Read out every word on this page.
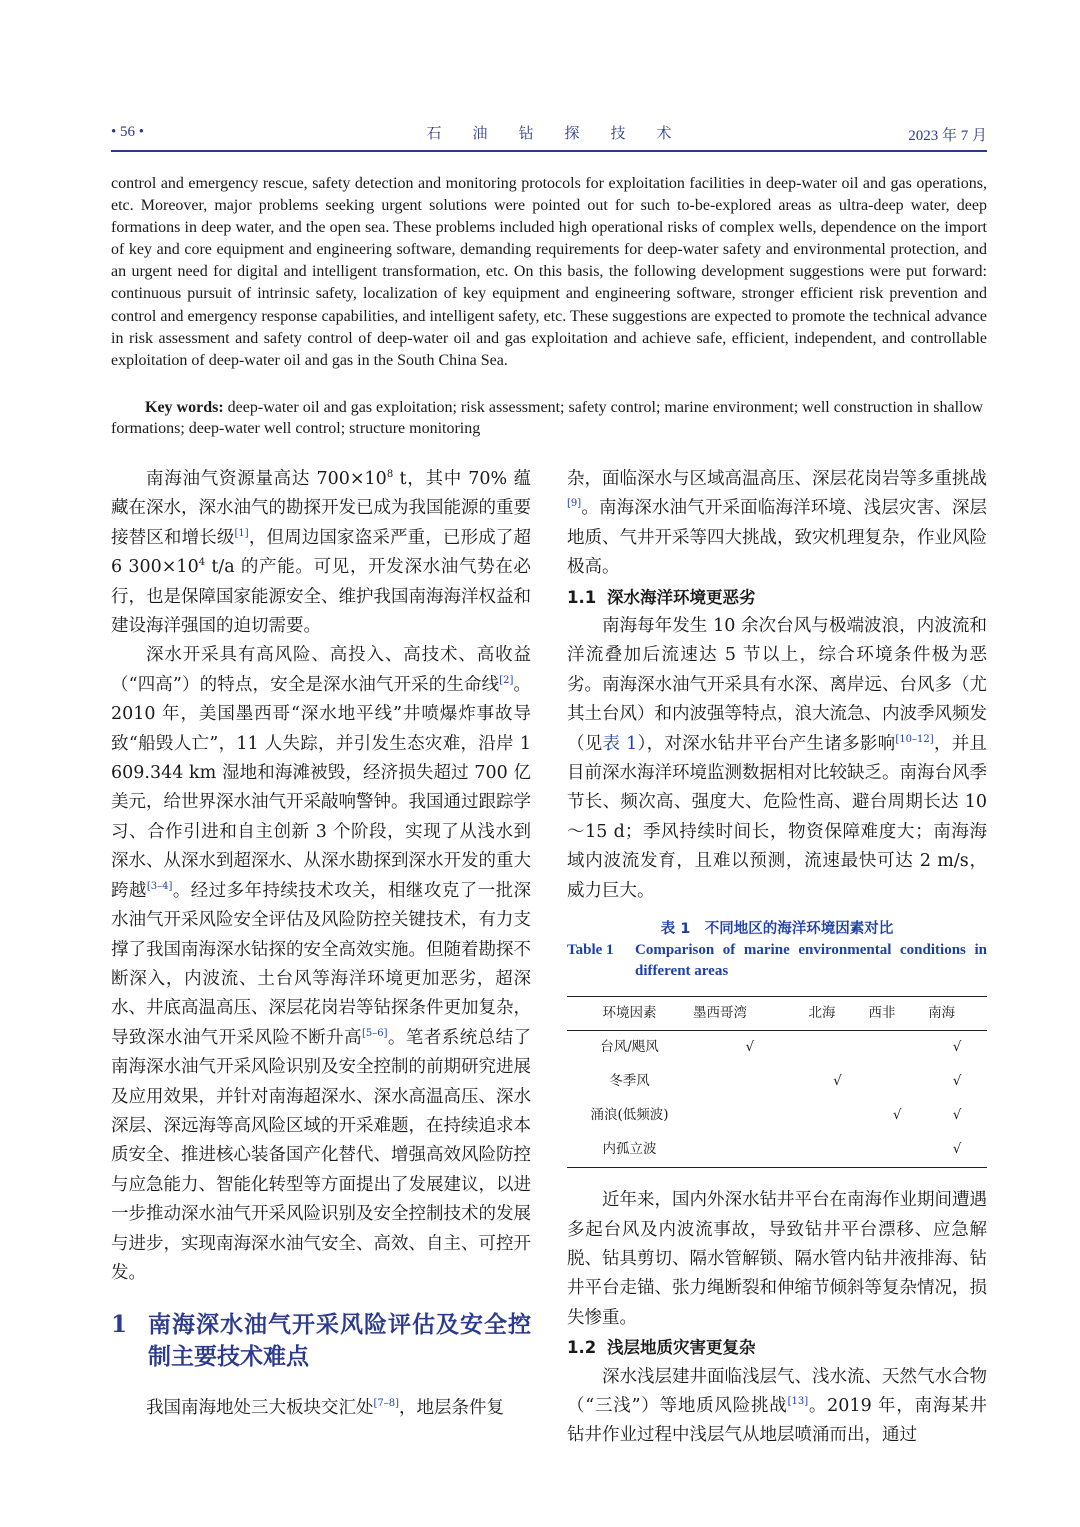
• 56 •	石油钻探技术	2023 年 7 月

control and emergency rescue, safety detection and monitoring protocols for exploitation facilities in deep-water oil and gas operations, etc. Moreover, major problems seeking urgent solutions were pointed out for such to-be-explored areas as ultra-deep water, deep formations in deep water, and the open sea. These problems included high operational risks of complex wells, dependence on the import of key and core equipment and engineering software, demanding requirements for deep-water safety and environmental protection, and an urgent need for digital and intelligent transformation, etc. On this basis, the following development suggestions were put forward: continuous pursuit of intrinsic safety, localization of key equipment and engineering software, stronger efficient risk prevention and control and emergency response capabilities, and intelligent safety, etc. These suggestions are expected to promote the technical advance in risk assessment and safety control of deep-water oil and gas exploitation and achieve safe, efficient, independent, and controllable exploitation of deep-water oil and gas in the South China Sea.

Key words: deep-water oil and gas exploitation; risk assessment; safety control; marine environment; well construction in shallow formations; deep-water well control; structure monitoring

南海油气资源量高达 $700\times 10^8$ t，其中 70% 蕴藏在深水，深水油气的勘探开发已成为我国能源的重要接替区和增长级[1]，但周边国家盗采严重，已形成了超 6 $300\times 10^4$ t/a 的产能。可见，开发深水油气势在必行，也是保障国家能源安全、维护我国南海海洋权益和建设海洋强国的迫切需要。

深水开采具有高风险、高投入、高技术、高收益（“四高”）的特点，安全是深水油气开采的生命线[2]。2010 年，美国墨西哥“深水地平线”井喷爆炸事故导致“船毁人亡”，11 人失踪，并引发生态灾难，沿岸 1 609.344 km 湿地和海滩被毁，经济损失超过 700 亿美元，给世界深水油气开采敲响警钟。我国通过跟踪学习、合作引进和自主创新 3 个阶段，实现了从浅水到深水、从深水到超深水、从深水勘探到深水开发的重大跨越[3–4]。经过多年持续技术攻关，相继攻克了一批深水油气开采风险安全评估及风险防控关键技术，有力支撑了我国南海深水钻探的安全高效实施。但随着勘探不断深入，内波流、土台风等海洋环境更加恶劣，超深水、井底高温高压、深层花岗岩等钻探条件更加复杂，导致深水油气开采风险不断升高[5–6]。笔者系统总结了南海深水油气开采风险识别及安全控制的前期研究进展及应用效果，并针对南海超深水、深水高温高压、深水深层、深远海等高风险区域的开采难题，在持续追求本质安全、推进核心装备国产化替代、增强高效风险防控与应急能力、智能化转型等方面提出了发展建议，以进一步推动深水油气开采风险识别及安全控制技术的发展与进步，实现南海深水油气安全、高效、自主、可控开发。

1 南海深水油气开采风险评估及安全控制主要技术难点

我国南海地处三大板块交汇处[7–8]，地层条件复

杂，面临深水与区域高温高压、深层花岗岩等多重挑战[9]。南海深水油气开采面临海洋环境、浅层灾害、深层地质、气井开采等四大挑战，致灾机理复杂，作业风险极高。

1.1 深水海洋环境更恶劣

南海每年发生 10 余次台风与极端波浪，内波流和洋流叠加后流速达 5 节以上，综合环境条件极为恶劣。南海深水油气开采具有水深、离岸远、台风多（尤其土台风）和内波强等特点，浪大流急、内波季风频发（见表 1），对深水钻井平台产生诸多影响[10–12]，并且目前深水海洋环境监测数据相对比较缺乏。南海台风季节长、频次高、强度大、危险性高、避台周期长达 10～15 d；季风持续时间长，物资保障难度大；南海海域内波流发育，且难以预测，流速最快可达 2 m/s，威力巨大。

表 1　不同地区的海洋环境因素对比

Table 1 Comparison of marine environmental conditions in different areas

环境因素	墨西哥湾	北海	西非	南海
台风/飓风	√			√
冬季风		√		√
涌浪(低频波)			√	√
内孤立波				√

近年来，国内外深水钻井平台在南海作业期间遭遇多起台风及内波流事故，导致钻井平台漂移、应急解脱、钻具剪切、隔水管解锁、隔水管内钻井液排海、钻井平台走锚、张力绳断裂和伸缩节倾斜等复杂情况，损失惨重。

1.2 浅层地质灾害更复杂

深水浅层建井面临浅层气、浅水流、天然气水合物（“三浅”）等地质风险挑战[13]。2019 年，南海某井钻井作业过程中浅层气从地层喷涌而出，通过
